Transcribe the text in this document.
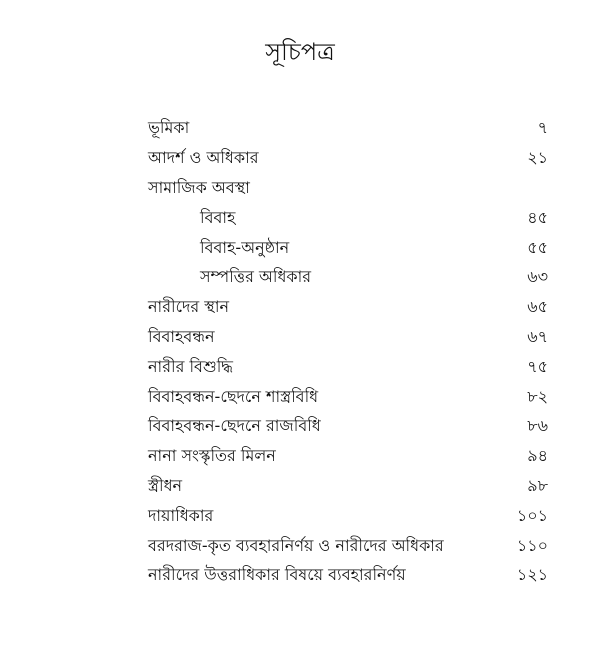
সূচিপত্র
ভূমিকা	৭
আদর্শ ও অধিকার	২১
সামাজিক অবস্থা
বিবাহ	৪৫
বিবাহ-অনুষ্ঠান	৫৫
সম্পত্তির অধিকার	৬৩
নারীদের স্থান	৬৫
বিবাহবন্ধন	৬৭
নারীর বিশুদ্ধি	৭৫
বিবাহবন্ধন-ছেদনে শাস্ত্রবিধি	৮২
বিবাহবন্ধন-ছেদনে রাজবিধি	৮৬
নানা সংস্কৃতির মিলন	৯৪
স্ত্রীধন	৯৮
দায়াধিকার	১০১
বরদরাজ-কৃত ব্যবহারনির্ণয় ও নারীদের অধিকার	১১০
নারীদের উত্তরাধিকার বিষয়ে ব্যবহারনির্ণয়	১২১
